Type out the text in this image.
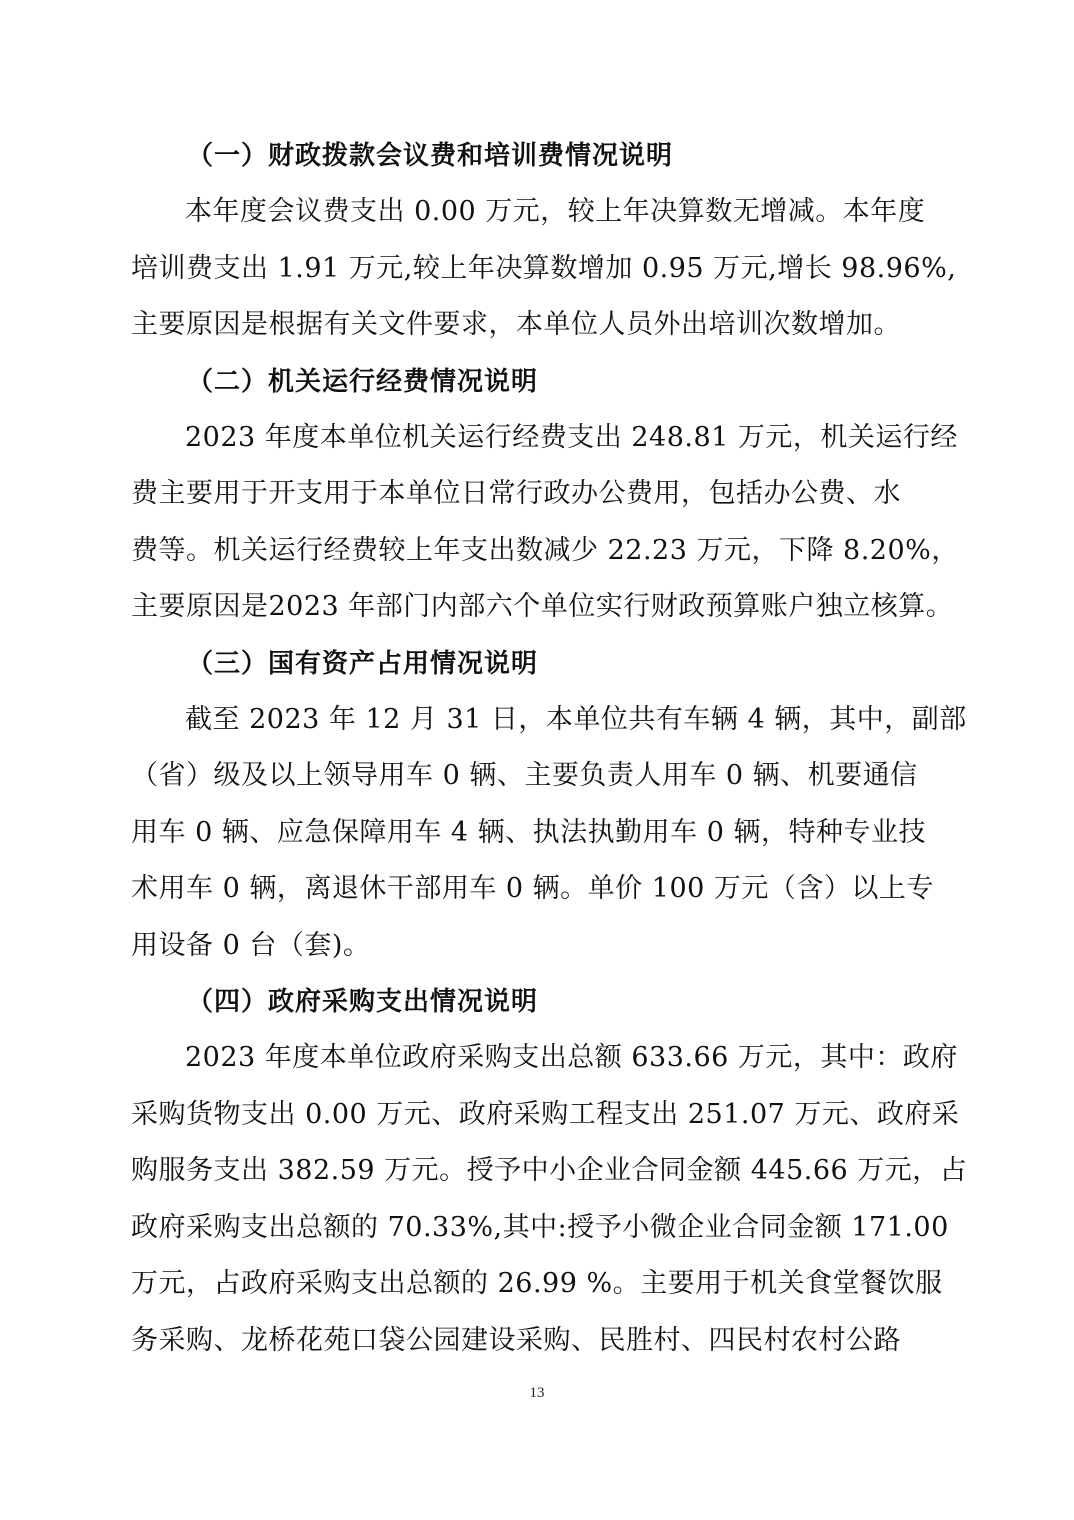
（一）财政拨款会议费和培训费情况说明

本年度会议费支出 0.00 万元，较上年决算数无增减。本年度
培训费支出 1.91 万元,较上年决算数增加 0.95 万元,增长 98.96%,
主要原因是根据有关文件要求，本单位人员外出培训次数增加。

（二）机关运行经费情况说明

2023 年度本单位机关运行经费支出 248.81 万元，机关运行经
费主要用于开支用于本单位日常行政办公费用，包括办公费、水
费等。机关运行经费较上年支出数减少 22.23 万元，下降 8.20%，
主要原因是2023 年部门内部六个单位实行财政预算账户独立核算。

（三）国有资产占用情况说明

截至 2023 年 12 月 31 日，本单位共有车辆 4 辆，其中，副部
（省）级及以上领导用车 0 辆、主要负责人用车 0 辆、机要通信
用车 0 辆、应急保障用车 4 辆、执法执勤用车 0 辆，特种专业技
术用车 0 辆，离退休干部用车 0 辆。单价 100 万元（含）以上专
用设备 0 台（套)。

（四）政府采购支出情况说明

2023 年度本单位政府采购支出总额 633.66 万元，其中：政府
采购货物支出 0.00 万元、政府采购工程支出 251.07 万元、政府采
购服务支出 382.59 万元。授予中小企业合同金额 445.66 万元，占
政府采购支出总额的 70.33%,其中:授予小微企业合同金额 171.00
万元，占政府采购支出总额的 26.99 %。主要用于机关食堂餐饮服
务采购、龙桥花苑口袋公园建设采购、民胜村、四民村农村公路

13
